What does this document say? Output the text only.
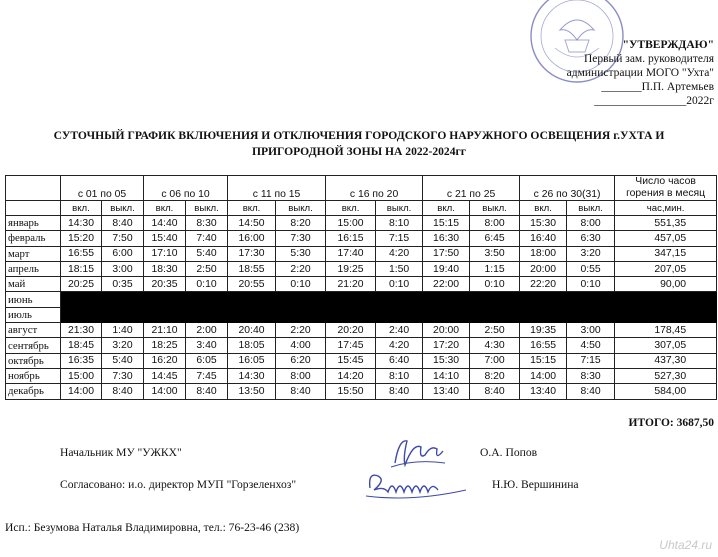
"УТВЕРЖДАЮ"
Первый зам. руководителя
администрации МОГО "Ухта"
_______П.П. Артемьев
________________2022г
СУТОЧНЫЙ ГРАФИК ВКЛЮЧЕНИЯ И ОТКЛЮЧЕНИЯ ГОРОДСКОГО НАРУЖНОГО ОСВЕЩЕНИЯ г.УХТА И
ПРИГОРОДНОЙ ЗОНЫ НА 2022-2024гг
	с 01 по 05		с 06 по 10		с 11 по 15		с 16 по 20		с 21 по 25		с 26 по 30(31)		Число часов горения в месяц
	вкл.	выкл.	вкл.	выкл.	вкл.	выкл.	вкл.	выкл.	вкл.	выкл.	вкл.	выкл.	час,мин.
январь	14:30	8:40	14:40	8:30	14:50	8:20	15:00	8:10	15:15	8:00	15:30	8:00	551,35
февраль	15:20	7:50	15:40	7:40	16:00	7:30	16:15	7:15	16:30	6:45	16:40	6:30	457,05
март	16:55	6:00	17:10	5:40	17:30	5:30	17:40	4:20	17:50	3:50	18:00	3:20	347,15
апрель	18:15	3:00	18:30	2:50	18:55	2:20	19:25	1:50	19:40	1:15	20:00	0:55	207,05
май	20:25	0:35	20:35	0:10	20:55	0:10	21:20	0:10	22:00	0:10	22:20	0:10	90,00
июнь													
июль													
август	21:30	1:40	21:10	2:00	20:40	2:20	20:20	2:40	20:00	2:50	19:35	3:00	178,45
сентябрь	18:45	3:20	18:25	3:40	18:05	4:00	17:45	4:20	17:20	4:30	16:55	4:50	307,05
октябрь	16:35	5:40	16:20	6:05	16:05	6:20	15:45	6:40	15:30	7:00	15:15	7:15	437,30
ноябрь	15:00	7:30	14:45	7:45	14:30	8:00	14:20	8:10	14:10	8:20	14:00	8:30	527,30
декабрь	14:00	8:40	14:00	8:40	13:50	8:40	15:50	8:40	13:40	8:40	13:40	8:40	584,00
ИТОГО: 3687,50
Начальник МУ "УЖКХ"	О.А. Попов
Согласовано: и.о. директор МУП "Горзеленхоз"	Н.Ю. Вершинина
Исп.: Безумова Наталья Владимировна, тел.: 76-23-46 (238)
Uhta24.ru
